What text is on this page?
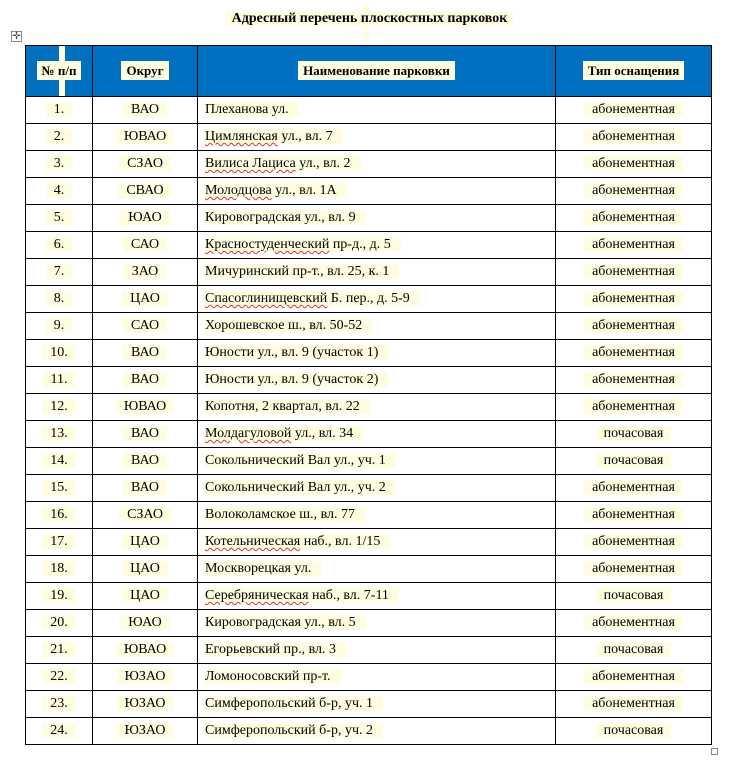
Адресный перечень плоскостных парковок
✛
№ п/п	Округ	Наименование парковки	Тип оснащения
1.	ВАО	Плеханова ул.	абонементная
2.	ЮВАО	Цимлянская ул., вл. 7	абонементная
3.	СЗАО	Вилиса Лациса ул., вл. 2	абонементная
4.	СВАО	Молодцова ул., вл. 1А	абонементная
5.	ЮАО	Кировоградская ул., вл. 9	абонементная
6.	САО	Красностуденческий пр-д., д. 5	абонементная
7.	ЗАО	Мичуринский пр-т., вл. 25, к. 1	абонементная
8.	ЦАО	Спасоглинищевский Б. пер., д. 5-9	абонементная
9.	САО	Хорошевское ш., вл. 50-52	абонементная
10.	ВАО	Юности ул., вл. 9 (участок 1)	абонементная
11.	ВАО	Юности ул., вл. 9 (участок 2)	абонементная
12.	ЮВАО	Копотня, 2 квартал, вл. 22	абонементная
13.	ВАО	Молдагуловой ул., вл. 34	почасовая
14.	ВАО	Сокольнический Вал ул., уч. 1	почасовая
15.	ВАО	Сокольнический Вал ул., уч. 2	абонементная
16.	СЗАО	Волоколамское ш., вл. 77	абонементная
17.	ЦАО	Котельническая наб., вл. 1/15	абонементная
18.	ЦАО	Москворецкая ул.	абонементная
19.	ЦАО	Серебряническая наб., вл. 7-11	почасовая
20.	ЮАО	Кировоградская ул., вл. 5	абонементная
21.	ЮВАО	Егорьевский пр., вл. 3	почасовая
22.	ЮЗАО	Ломоносовский пр-т.	абонементная
23.	ЮЗАО	Симферопольский б-р, уч. 1	абонементная
24.	ЮЗАО	Симферопольский б-р, уч. 2	почасовая
